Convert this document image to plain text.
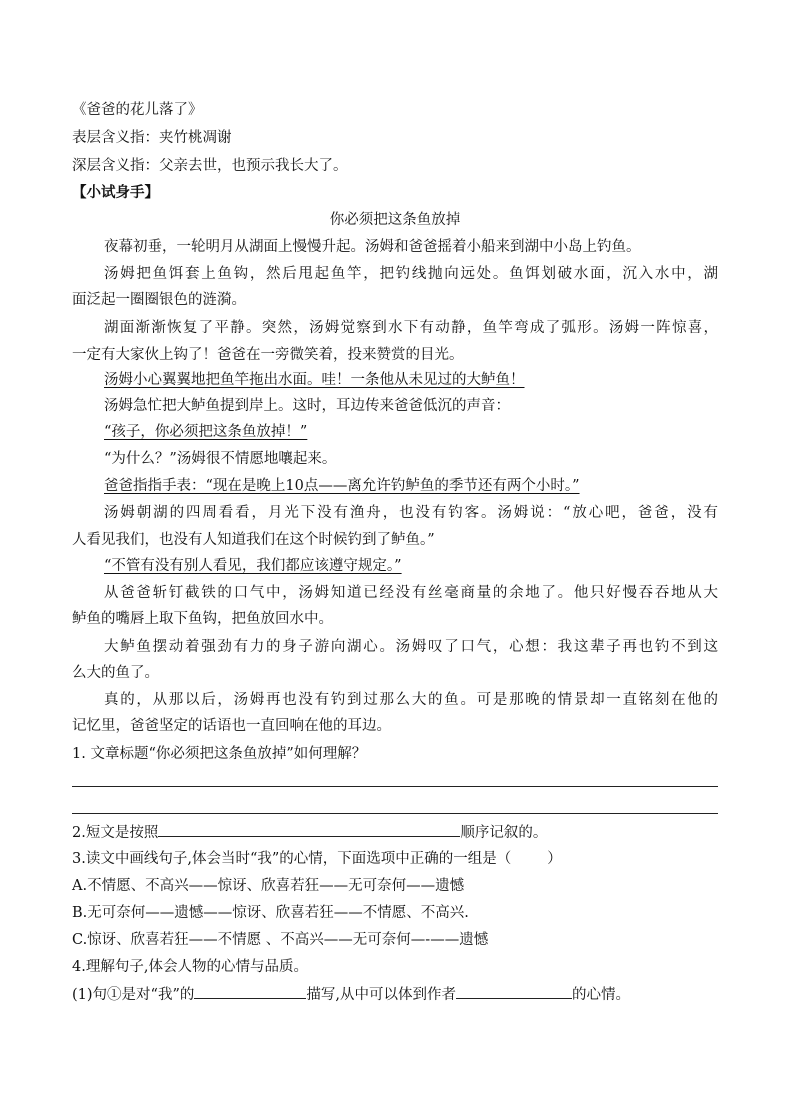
《爸爸的花儿落了》
表层含义指：夹竹桃凋谢
深层含义指：父亲去世，也预示我长大了。
【小试身手】
你必须把这条鱼放掉
夜幕初垂，一轮明月从湖面上慢慢升起。汤姆和爸爸摇着小船来到湖中小岛上钓鱼。
汤姆把鱼饵套上鱼钩，然后甩起鱼竿，把钓线抛向远处。鱼饵划破水面，沉入水中，湖
面泛起一圈圈银色的涟漪。
湖面渐渐恢复了平静。突然，汤姆觉察到水下有动静，鱼竿弯成了弧形。汤姆一阵惊喜，
一定有大家伙上钩了！爸爸在一旁微笑着，投来赞赏的目光。
汤姆小心翼翼地把鱼竿拖出水面。哇！一条他从未见过的大鲈鱼！
汤姆急忙把大鲈鱼提到岸上。这时，耳边传来爸爸低沉的声音：
“孩子，你必须把这条鱼放掉！”
“为什么？”汤姆很不情愿地嚷起来。
爸爸指指手表：“现在是晚上10点——离允许钓鲈鱼的季节还有两个小时。”
汤姆朝湖的四周看看，月光下没有渔舟，也没有钓客。汤姆说：“放心吧，爸爸，没有
人看见我们，也没有人知道我们在这个时候钓到了鲈鱼。”
“不管有没有别人看见，我们都应该遵守规定。”
从爸爸斩钉截铁的口气中，汤姆知道已经没有丝毫商量的余地了。他只好慢吞吞地从大
鲈鱼的嘴唇上取下鱼钩，把鱼放回水中。
大鲈鱼摆动着强劲有力的身子游向湖心。汤姆叹了口气，心想：我这辈子再也钓不到这
么大的鱼了。
真的，从那以后，汤姆再也没有钓到过那么大的鱼。可是那晚的情景却一直铭刻在他的
记忆里，爸爸坚定的话语也一直回响在他的耳边。
1. 文章标题“你必须把这条鱼放掉”如何理解？
2.短文是按照	顺序记叙的。
3.读文中画线句子,体会当时“我”的心情，下面选项中正确的一组是（ ）
A.不情愿、不高兴——惊讶、欣喜若狂——无可奈何——遗憾
B.无可奈何——遗憾——惊讶、欣喜若狂——不情愿、不高兴.
C.惊讶、欣喜若狂——不情愿 、不高兴——无可奈何—-——遗憾
4.理解句子,体会人物的心情与品质。
(1)句①是对“我”的	描写,从中可以体到作者	的心情。
